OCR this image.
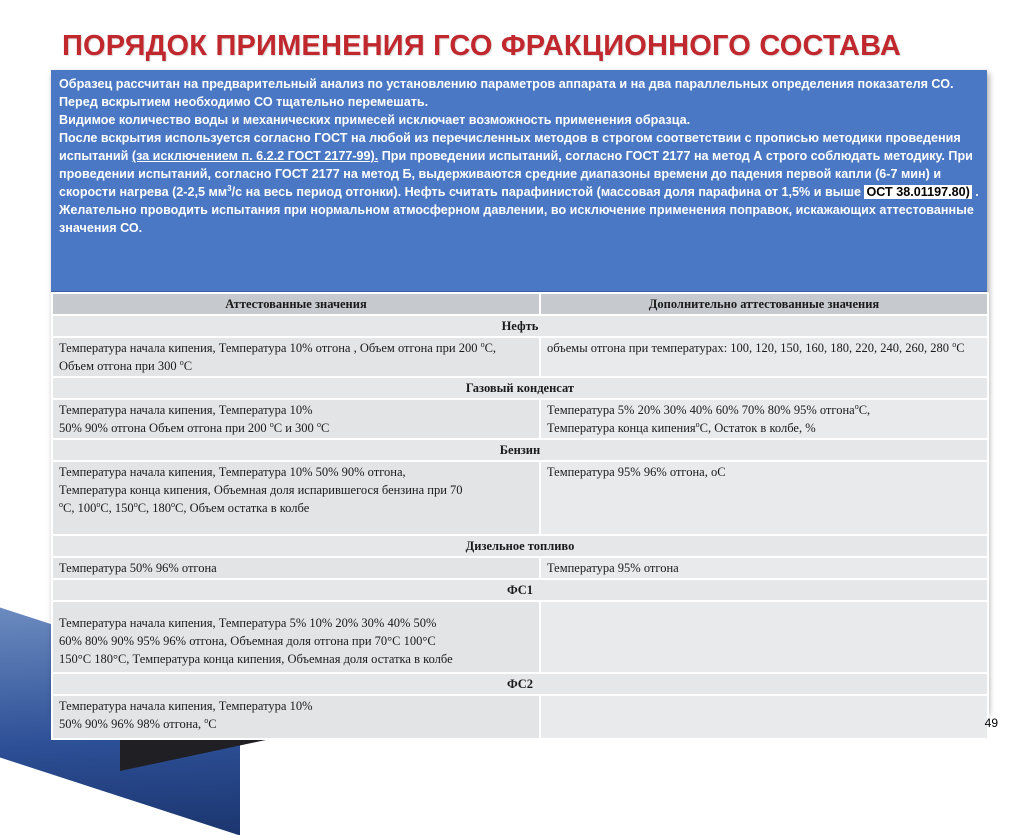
ПОРЯДОК ПРИМЕНЕНИЯ ГСО ФРАКЦИОННОГО СОСТАВА

Образец рассчитан на предварительный анализ по установлению параметров аппарата и на два параллельных определения показателя СО.

Перед вскрытием необходимо СО тщательно перемешать.

Видимое количество воды и механических примесей исключает возможность применения образца.

После вскрытия используется согласно ГОСТ на любой из перечисленных методов в строгом соответствии с прописью методики проведения испытаний (за исключением п. 6.2.2 ГОСТ 2177-99). При проведении испытаний, согласно ГОСТ 2177 на метод А строго соблюдать методику. При проведении испытаний, согласно ГОСТ 2177 на метод Б, выдерживаются средние диапазоны времени до падения первой капли (6-7 мин) и скорости нагрева (2-2,5 $мм^3/с$ на весь период отгонки). Нефть считать парафинистой (массовая доля парафина от 1,5% и выше ОСТ 38.01197.80) . Желательно проводить испытания при нормальном атмосферном давлении, во исключение применения поправок, искажающих аттестованные значения СО.

Аттестованные значения	Дополнительно аттестованные значения
Нефть	
Температура начала кипения, Температура 10% отгона , Объем отгона при 200 $^о$С, Объем отгона при 300 $^о$С	объемы отгона при температурах: 100, 120, 150, 160, 180, 220, 240, 260, 280 $^о$С
Газовый конденсат	
Температура начала кипения, Температура 10%
50% 90% отгона Объем отгона при 200 $^о$С и 300 $^о$С	Температура 5% 20% 30% 40% 60% 70% 80% 95% отгона$^о$С,
Температура конца кипения$^о$С, Остаток в колбе, %
Бензин	
Температура начала кипения, Температура 10% 50% 90% отгона,
Температура конца кипения, Объемная доля испарившегося бензина при 70
$^о$С, $100^оС$, $150^оС$, $180^оС$, Объем остатка в колбе	Температура 95% 96% отгона, оС
Дизельное топливо	
Температура 50% 96% отгона	Температура 95% отгона
ФС1	
Температура начала кипения, Температура 5% 10% 20% 30% 40% 50%
60% 80% 90% 95% 96% отгона, Объемная доля отгона при 70°С 100°С
150°С 180°С, Температура конца кипения, Объемная доля остатка в колбе	
ФС2	
Температура начала кипения, Температура 10%
50% 90% 96% 98% отгона, $^о$С		49
